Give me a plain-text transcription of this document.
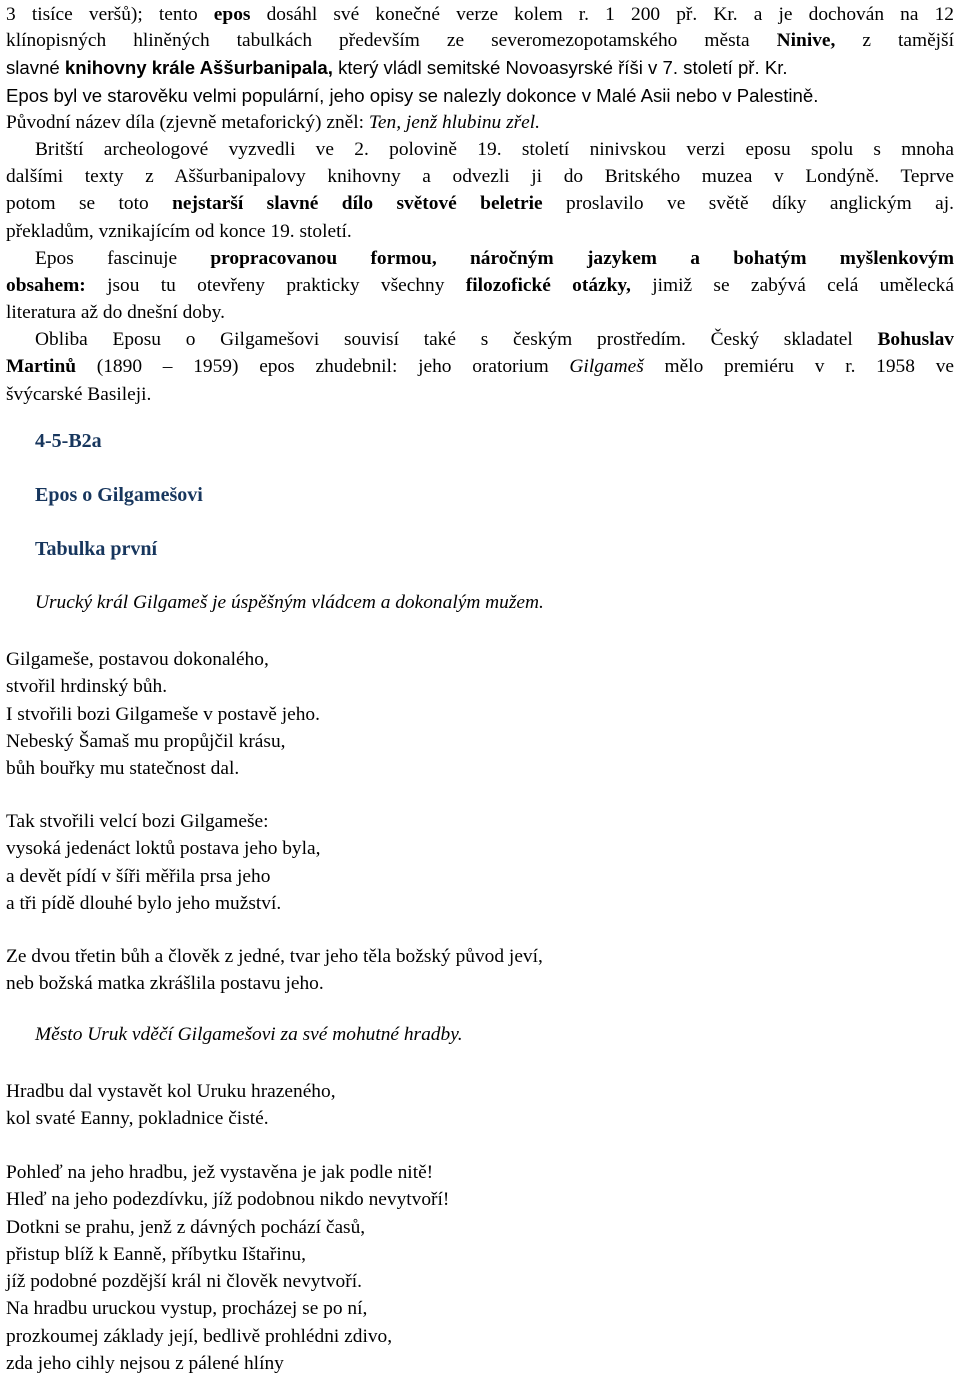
3 tisíce veršů); tento epos dosáhl své konečné verze kolem r. 1 200 př. Kr. a je dochován na 12
klínopisných hliněných tabulkách především ze severomezopotamského města Ninive, z tamější
slavné knihovny krále Aššurbanipala, který vládl semitské Novoasyrské říši v 7. století př. Kr.
Epos byl ve starověku velmi populární, jeho opisy se nalezly dokonce v Malé Asii nebo v Palestině.
Původní název díla (zjevně metaforický) zněl: Ten, jenž hlubinu zřel.
Britští archeologové vyzvedli ve 2. polovině 19. století ninivskou verzi eposu spolu s mnoha
dalšími texty z Aššurbanipalovy knihovny a odvezli ji do Britského muzea v Londýně. Teprve
potom se toto nejstarší slavné dílo světové beletrie proslavilo ve světě díky anglickým aj.
překladům, vznikajícím od konce 19. století.
Epos fascinuje propracovanou formou, náročným jazykem a bohatým myšlenkovým
obsahem: jsou tu otevřeny prakticky všechny filozofické otázky, jimiž se zabývá celá umělecká
literatura až do dnešní doby.
Obliba Eposu o Gilgamešovi souvisí také s českým prostředím. Český skladatel Bohuslav
Martinů (1890 – 1959) epos zhudebnil: jeho oratorium Gilgameš mělo premiéru v r. 1958 ve
švýcarské Basileji.
4-5-B2a
Epos o Gilgamešovi
Tabulka první
Urucký král Gilgameš je úspěšným vládcem a dokonalým mužem.
Gilgameše, postavou dokonalého,
stvořil hrdinský bůh.
I stvořili bozi Gilgameše v postavě jeho.
Nebeský Šamaš mu propůjčil krásu,
bůh bouřky mu statečnost dal.
Tak stvořili velcí bozi Gilgameše:
vysoká jedenáct loktů postava jeho byla,
a devět pídí v šíři měřila prsa jeho
a tři pídě dlouhé bylo jeho mužství.
Ze dvou třetin bůh a člověk z jedné, tvar jeho těla božský původ jeví,
neb božská matka zkrášlila postavu jeho.
Město Uruk vděčí Gilgamešovi za své mohutné hradby.
Hradbu dal vystavět kol Uruku hrazeného,
kol svaté Eanny, pokladnice čisté.
Pohleď na jeho hradbu, jež vystavěna je jak podle nitě!
Hleď na jeho podezdívku, jíž podobnou nikdo nevytvoří!
Dotkni se prahu, jenž z dávných pochází časů,
přistup blíž k Eanně, příbytku Ištařinu,
jíž podobné pozdější král ni člověk nevytvoří.
Na hradbu uruckou vystup, procházej se po ní,
prozkoumej základy její, bedlivě prohlédni zdivo,
zda jeho cihly nejsou z pálené hlíny
